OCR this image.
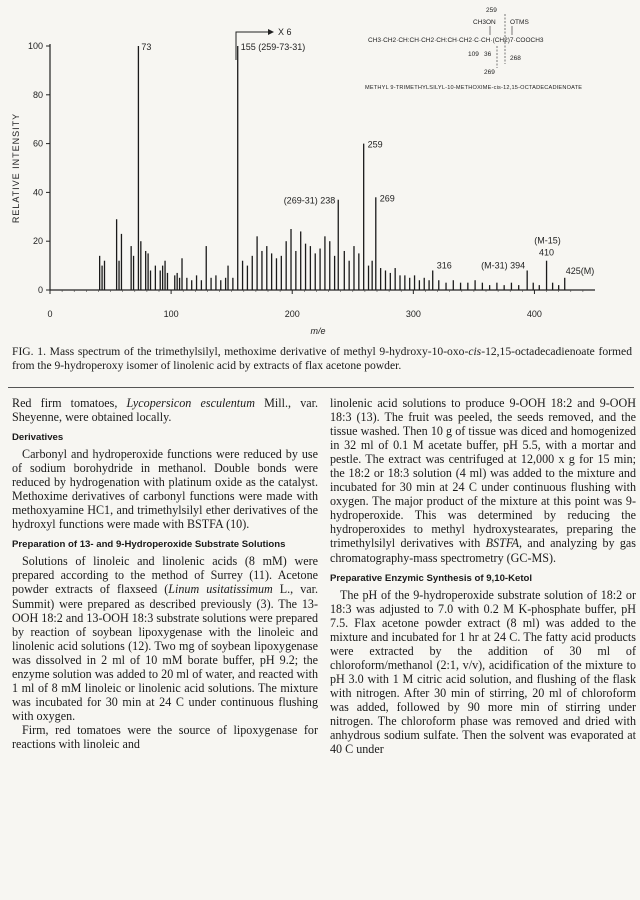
0
20
40
60
80
100
0	100	200	300	400
RELATIVE INTENSITY
m/e
73	155 (259-73-31)
259
(269-31) 238	269
316	(M-31) 394
(M-15)
410
425(M)
X 6
259
CH3ON OTMS
CH3·CH2·CH:CH·CH2·CH:CH·CH2·C·CH·(CH2)7·COOCH3
109 36
268
269
METHYL 9-TRIMETHYLSILYL-10-METHOXIME-cis-12,15-OCTADECADIENOATE

FIG. 1. Mass spectrum of the trimethylsilyl, methoxime derivative of methyl 9-hydroxy-10-oxo-cis-12,15-octadecadienoate formed from the 9-hydroperoxy isomer of linolenic acid by extracts of flax acetone powder.

Red firm tomatoes, Lycopersicon esculentum Mill., var. Sheyenne, were obtained locally.

Derivatives

Carbonyl and hydroperoxide functions were reduced by use of sodium borohydride in methanol. Double bonds were reduced by hydrogenation with platinum oxide as the catalyst. Methoxime derivatives of carbonyl functions were made with methoxyamine HC1, and trimethylsilyl ether derivatives of the hydroxyl functions were made with BSTFA (10).

Preparation of 13- and 9-Hydroperoxide Substrate Solutions

Solutions of linoleic and linolenic acids (8 mM) were prepared according to the method of Surrey (11). Acetone powder extracts of flaxseed (Linum usitatissimum L., var. Summit) were prepared as described previously (3). The 13-OOH 18:2 and 13-OOH 18:3 substrate solutions were prepared by reaction of soybean lipoxygenase with the linoleic and linolenic acid solutions (12). Two mg of soybean lipoxygenase was dissolved in 2 ml of 10 mM borate buffer, pH 9.2; the enzyme solution was added to 20 ml of water, and reacted with 1 ml of 8 mM linoleic or linolenic acid solutions. The mixture was incubated for 30 min at 24 C under continuous flushing with oxygen.

Firm, red tomatoes were the source of lipoxygenase for reactions with linoleic and

linolenic acid solutions to produce 9-OOH 18:2 and 9-OOH 18:3 (13). The fruit was peeled, the seeds removed, and the tissue washed. Then 10 g of tissue was diced and homogenized in 32 ml of 0.1 M acetate buffer, pH 5.5, with a mortar and pestle. The extract was centrifuged at 12,000 x g for 15 min; the 18:2 or 18:3 solution (4 ml) was added to the mixture and incubated for 30 min at 24 C under continuous flushing with oxygen. The major product of the mixture at this point was 9-hydroperoxide. This was determined by reducing the hydroperoxides to methyl hydroxystearates, preparing the trimethylsilyl derivatives with BSTFA, and analyzing by gas chromatography-mass spectrometry (GC-MS).

Preparative Enzymic Synthesis of 9,10-Ketol

The pH of the 9-hydroperoxide substrate solution of 18:2 or 18:3 was adjusted to 7.0 with 0.2 M K-phosphate buffer, pH 7.5. Flax acetone powder extract (8 ml) was added to the mixture and incubated for 1 hr at 24 C. The fatty acid products were extracted by the addition of 30 ml of chloroform/methanol (2:1, v/v), acidification of the mixture to pH 3.0 with 1 M citric acid solution, and flushing of the flask with nitrogen. After 30 min of stirring, 20 ml of chloroform was added, followed by 90 more min of stirring under nitrogen. The chloroform phase was removed and dried with anhydrous sodium sulfate. Then the solvent was evaporated at 40 C under
